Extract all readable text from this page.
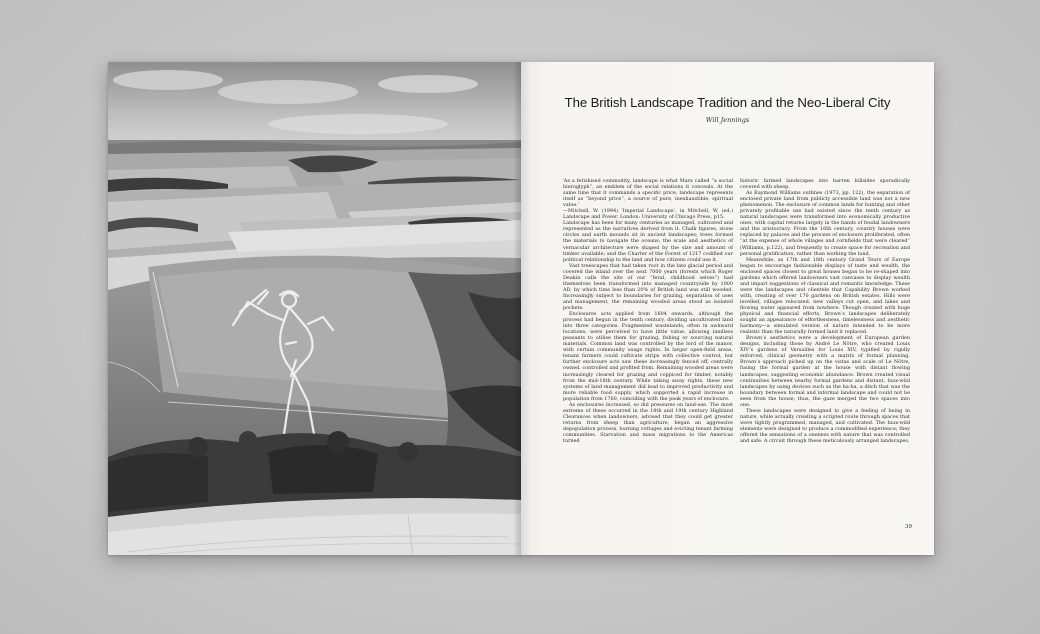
The British Landscape Tradition and the Neo-Liberal City
Will Jennings

‘As a fetishised commodity, landscape is what Marx called “a social hieroglyph”, an emblem of the social relations it conceals. At the same time that it commands a specific price, landscape represents itself as “beyond price”, a source of pure, inexhaustible, spiritual value.’

—Mitchell, W. (1994) ‘Imperial Landscape’, in Mitchell, W. (ed.) Landscape and Power. London: University of Chicago Press, p15.

Landscape has been for many centuries as managed, cultivated and represented as the narratives derived from it. Chalk figures, stone circles and earth mounds sit in ancient landscapes; trees formed the materials to navigate the oceans; the scale and aesthetics of vernacular architecture were shaped by the size and amount of timber available; and the Charter of the Forest of 1217 codified our political relationship to the land and how citizens could use it.

Vast treescapes that had taken root in the late glacial period and covered the island over the next 7000 years (forests which Roger Deakin calls the site of our “feral, childhood selves”) had themselves been transformed into managed countryside by 1000 AD, by which time less than 20% of British land was still wooded. Increasingly subject to boundaries for grazing, separation of uses and management, the remaining wooded areas stood as isolated pockets.

Enclosures acts applied from 1604 onwards, although the process had begun in the tenth century, dividing uncultivated land into three categories. Fragmented wastelands, often in awkward locations, were perceived to have little value, allowing landless peasants to utilise them for grazing, fishing or sourcing natural materials. Common land was controlled by the lord of the manor, with certain community usage rights. In larger open-field areas, tenant farmers could cultivate strips with collective control, but further enclosure acts saw these increasingly fenced off, centrally owned, controlled and profited from. Remaining wooded areas were increasingly cleared for grazing and coppiced for timber, notably from the mid-18th century. While taking away rights, these new systems of land management did lead to improved productivity and more reliable food supply, which supported a rapid increase in population from 1760, coinciding with the peak years of enclosure.

As enclosures increased, so did pressures on land-use. The most extreme of these occurred in the 18th and 19th century Highland Clearances when landowners, advised that they could get greater returns from sheep than agriculture, began an aggressive depopulation process, burning cottages and evicting tenant farming communities. Starvation and mass migrations to the Americas turned

historic farmed landscapes into barren hillsides sporadically covered with sheep.

As Raymond Williams outlines (1973, pp. 122), the separation of enclosed private land from publicly accessible land was not a new phenomenon. The enclosure of common lands for hunting and other privately profitable use had existed since the tenth century as natural landscapes were transformed into economically productive ones, with capital returns largely in the hands of feudal landowners and the aristocracy. From the 16th century, country houses were replaced by palaces and the process of enclosure proliferated, often “at the expense of whole villages and cornfields that were cleared” (Williams, p.122), and frequently to create space for recreation and personal gratification, rather than working the land.

Meanwhile, as 17th and 18th century Grand Tours of Europe began to encourage fashionable displays of taste and wealth, the enclosed spaces closest to great houses began to be re-shaped into gardens which offered landowners vast canvases to display wealth and impart suggestions of classical and romantic knowledge. These were the landscapes and clientele that Capability Brown worked with, creating of over 170 gardens on British estates. Hills were levelled, villages relocated, new valleys cut open, and lakes and flowing water appeared from nowhere. Though created with huge physical and financial efforts, Brown’s landscapes deliberately sought an appearance of effortlessness, timelessness and aesthetic harmony—a simulated version of nature intended to be more realistic than the naturally formed land it replaced.

Brown’s aesthetics were a development of European garden designs, including those by André Le Nôtre, who created Louis XIV’s gardens of Versailles for Louis XIV, typified by rigidly enforced, clinical geometry with a matrix of formal planning. Brown’s approach picked up on the vistas and scale of Le Nôtre, fusing the formal garden at the house with distant flowing landscapes, suggesting economic abundance. Brown created visual continuities between nearby formal gardens and distant, faux-wild landscapes by using devices such as the ha-ha, a ditch that was the boundary between formal and informal landscape and could not be seen from the house; thus, the gaze merged the two spaces into one.

These landscapes were designed to give a feeling of being in nature, while actually creating a scripted route through spaces that were tightly programmed, managed, and cultivated. The faux-wild elements were designed to produce a commodified experience; they offered the sensations of a oneness with nature that was controlled and safe. A circuit through these meticulously arranged landscapes,

39
